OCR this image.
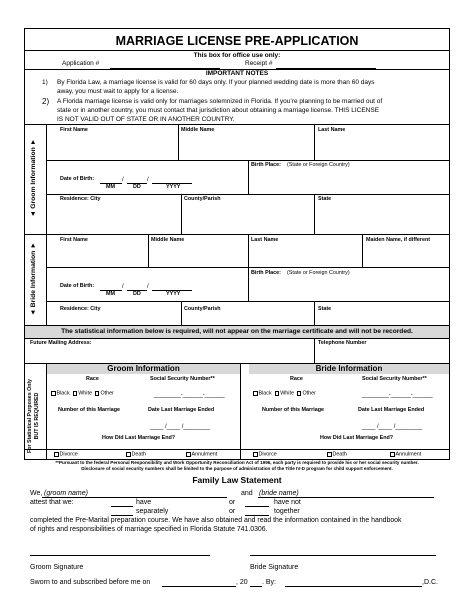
MARRIAGE LICENSE PRE-APPLICATION
This box for office use only:
Application #	Receipt #
IMPORTANT NOTES
1) By Florida Law, a marriage license is valid for 60 days only. If your planned wedding date is more than 60 days
away, you must wait to apply for a license.
2) A Florida marriage license is valid only for marriages solemnized in Florida. If you’re planning to be married out of
state or in another country, you must contact that jurisdiction about obtaining a marriage license. THIS LICENSE
IS NOT VALID OUT OF STATE OR IN ANOTHER COUNTRY.
◄ Groom Information ►
First Name	Middle Name	Last Name
Birth Place: (State or Foreign Country)
Date of Birth:	/	/
MM	DD	YYYY
Residence: City	County/Parish	State
◄ Bride Information ►
First Name	Middle Name	Last Name	Maiden Name, if different
Birth Place: (State or Foreign Country)
Date of Birth:	/	/
MM	DD	YYYY
Residence: City	County/Parish	State
The statistical information below is required, will not appear on the marriage certificate and will not be recorded.
Future Mailing Address:	Telephone Number
For Statistical Purposes Only BUT IS REQUIRED
Groom Information
Race	Social Security Number**
Black White Other	________-______-______
Number of this Marriage	Date Last Marriage Ended
____ /____ /________
How Did Last Marriage End?
Divorce	Death	Annulment
Bride Information
Race	Social Security Number**
Black White Other	________-______-______
Number of this Marriage	Date Last Marriage Ended
____ /____ /________
How Did Last Marriage End?
Divorce	Death	Annulment
**Pursuant to the federal Personal Responsibility and Work Opportunity Reconciliation Act of 1996, each party is required to provide his or her social security number.
Disclosure of social security numbers shall be limited to the purpose of administration of the Title IV-D program for child support enforcement.
Family Law Statement
We, (groom name)	and (bride name)
attest that we:	have	or	have not
separately	or	together
completed the Pre-Marital preparation course. We have also obtained and read the information contained in the handbook
of rights and responsibilities of marriage specified in Florida Statute 741.0306.
Groom Signature	Bride Signature
Sworn to and subscribed before me on	, 20 . By:	,D.C.
